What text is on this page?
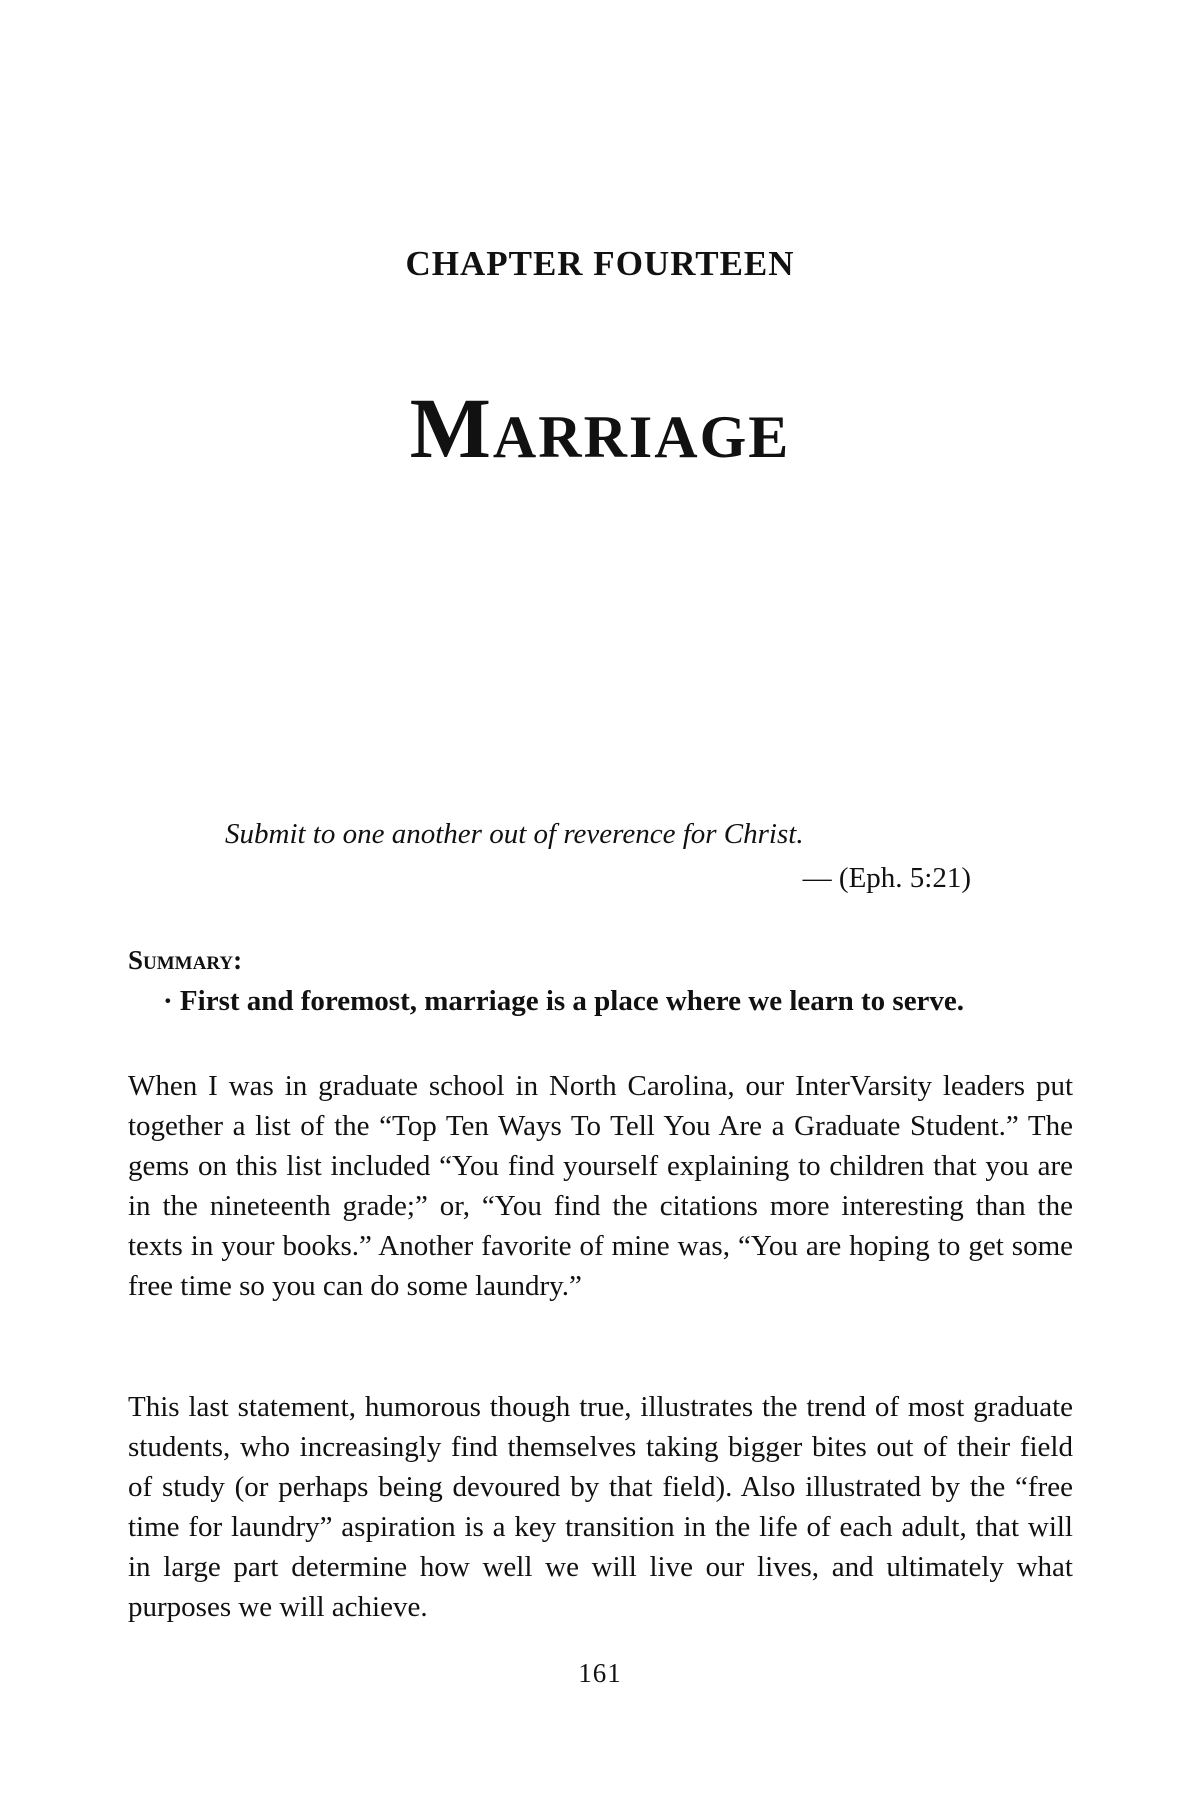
CHAPTER FOURTEEN
Marriage
Submit to one another out of reverence for Christ.
— (Eph. 5:21)
Summary:
· First and foremost, marriage is a place where we learn to serve.

When I was in graduate school in North Carolina, our InterVarsity leaders put together a list of the “Top Ten Ways To Tell You Are a Graduate Student.” The gems on this list included “You find yourself explaining to children that you are in the nineteenth grade;” or, “You find the citations more interesting than the texts in your books.” Another favorite of mine was, “You are hoping to get some free time so you can do some laundry.”

This last statement, humorous though true, illustrates the trend of most graduate students, who increasingly find themselves taking bigger bites out of their field of study (or perhaps being devoured by that field). Also illustrated by the “free time for laundry” aspiration is a key transition in the life of each adult, that will in large part determine how well we will live our lives, and ultimately what purposes we will achieve.

161
